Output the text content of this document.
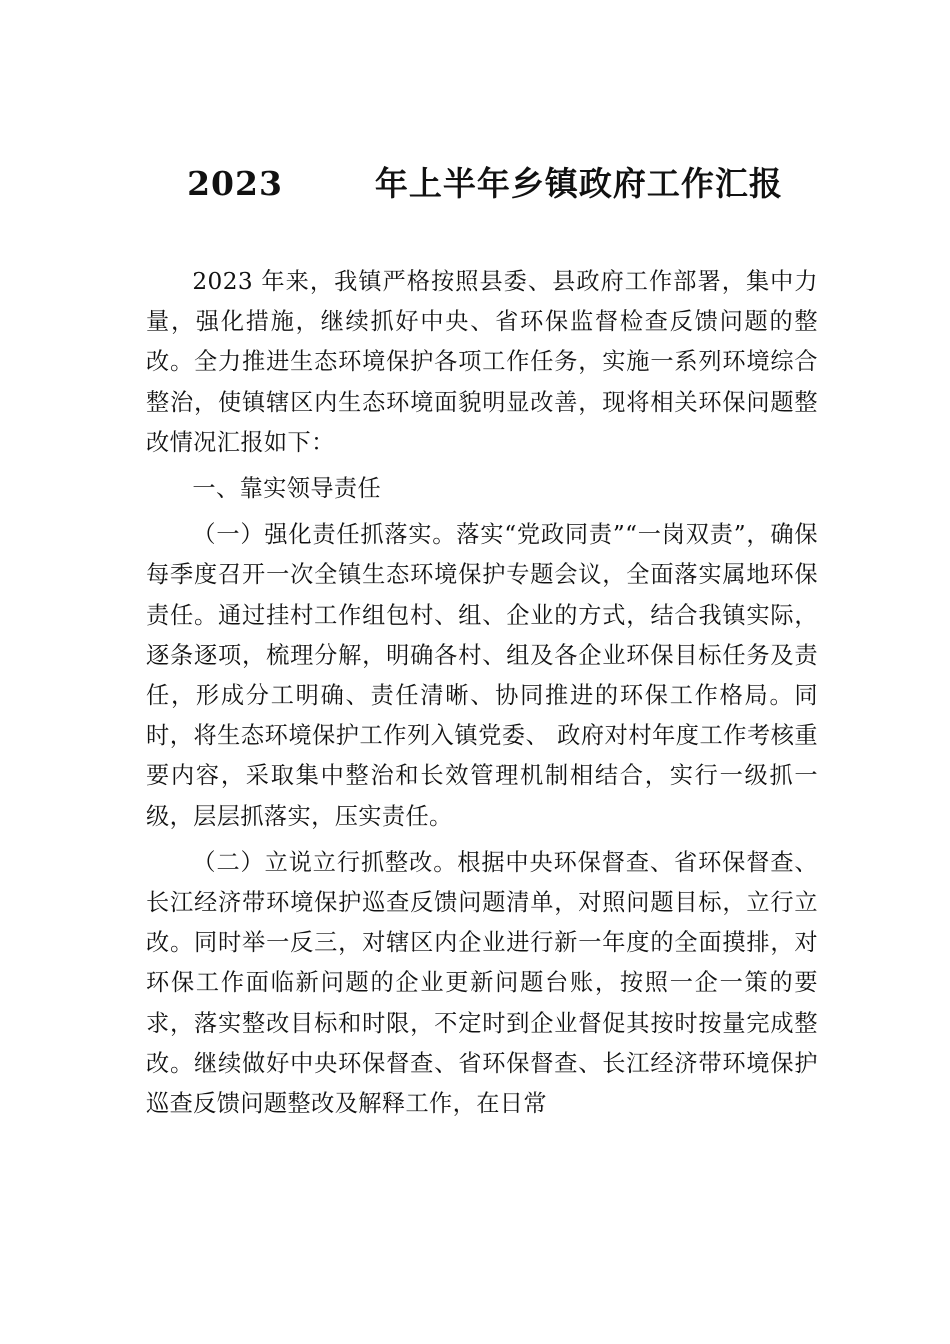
2023	年上半年乡镇政府工作汇报

2023 年来，我镇严格按照县委、县政府工作部署，集中力量，强化措施，继续抓好中央、省环保监督检查反馈问题的整改。全力推进生态环境保护各项工作任务，实施一系列环境综合整治，使镇辖区内生态环境面貌明显改善，现将相关环保问题整改情况汇报如下：

一、靠实领导责任

（一）强化责任抓落实。落实“党政同责”“一岗双责”，确保每季度召开一次全镇生态环境保护专题会议，全面落实属地环保责任。通过挂村工作组包村、组、企业的方式，结合我镇实际，逐条逐项，梳理分解，明确各村、组及各企业环保目标任务及责任，形成分工明确、责任清晰、协同推进的环保工作格局。同时，将生态环境保护工作列入镇党委、 政府对村年度工作考核重要内容，采取集中整治和长效管理机制相结合，实行一级抓一级，层层抓落实，压实责任。

（二）立说立行抓整改。根据中央环保督查、省环保督查、长江经济带环境保护巡查反馈问题清单，对照问题目标，立行立改。同时举一反三，对辖区内企业进行新一年度的全面摸排，对环保工作面临新问题的企业更新问题台账，按照一企一策的要求，落实整改目标和时限，不定时到企业督促其按时按量完成整改。继续做好中央环保督查、省环保督查、长江经济带环境保护巡查反馈问题整改及解释工作，在日常
